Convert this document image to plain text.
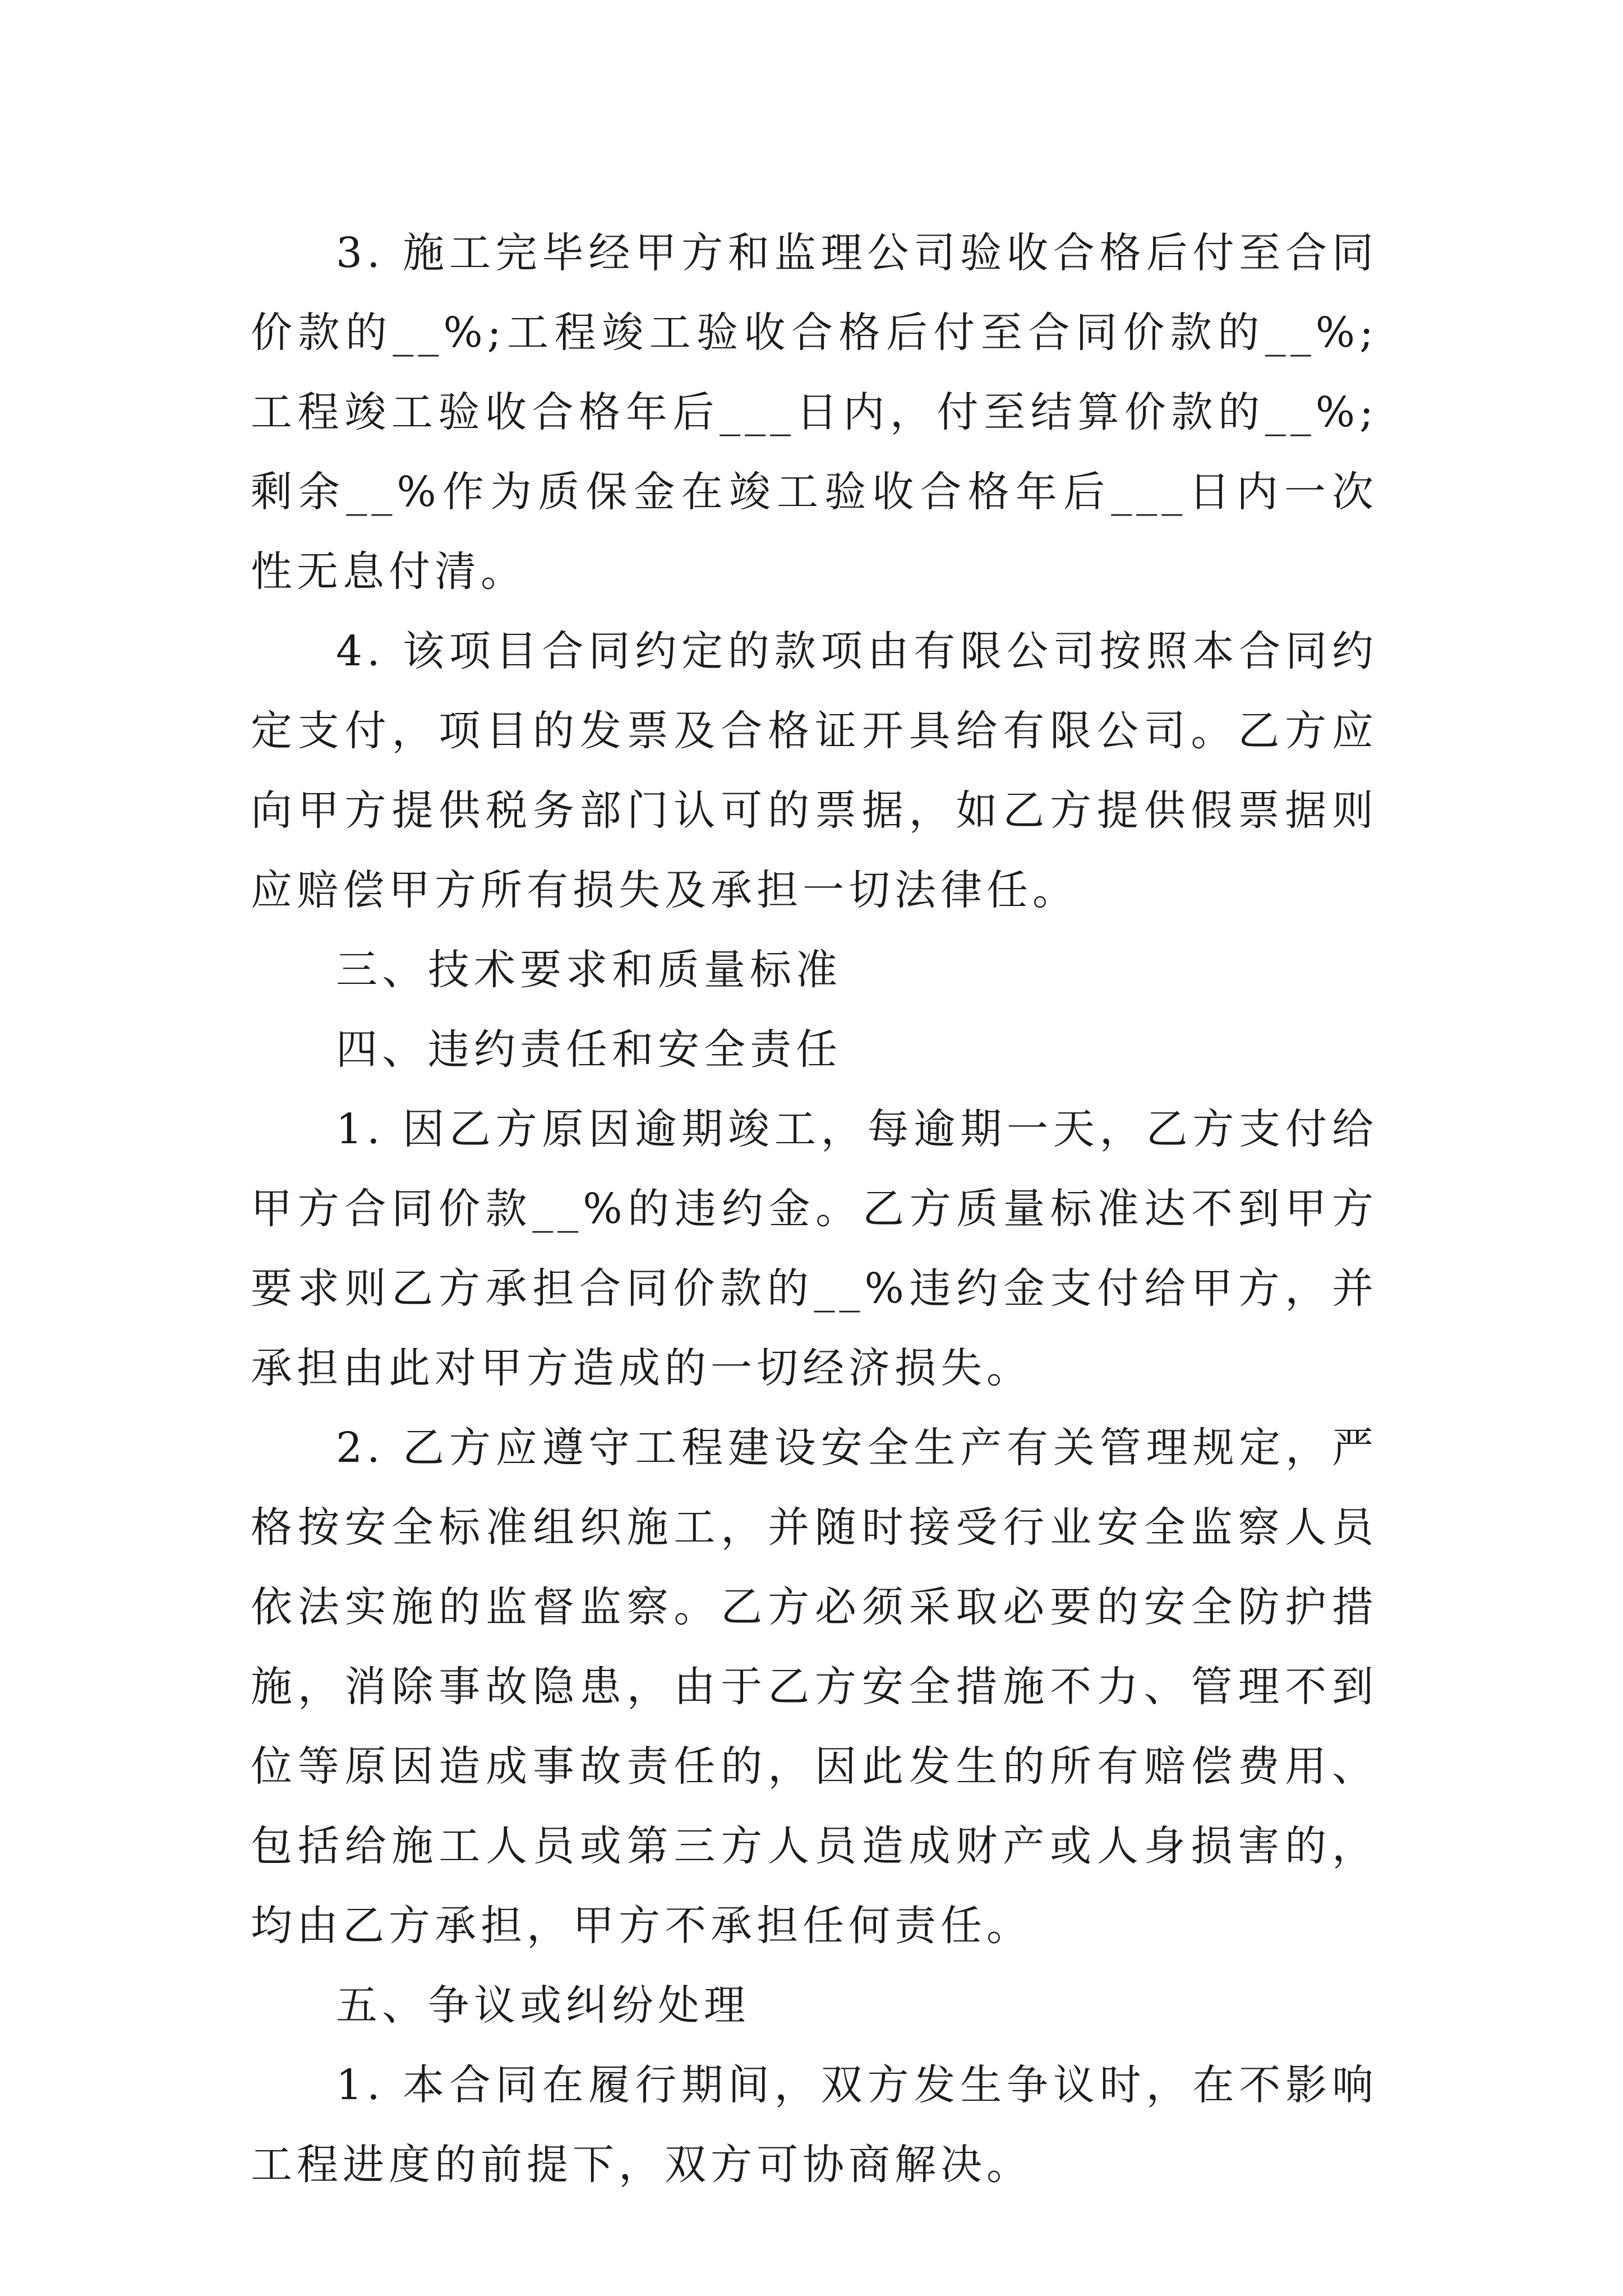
3. 施工完毕经甲方和监理公司验收合格后付至合同价款的__%;工程竣工验收合格后付至合同价款的__%;工程竣工验收合格年后___日内，付至结算价款的__%;剩余__%作为质保金在竣工验收合格年后___日内一次性无息付清。

4. 该项目合同约定的款项由有限公司按照本合同约定支付，项目的发票及合格证开具给有限公司。乙方应向甲方提供税务部门认可的票据，如乙方提供假票据则应赔偿甲方所有损失及承担一切法律任。

三、技术要求和质量标准

四、违约责任和安全责任

1. 因乙方原因逾期竣工，每逾期一天，乙方支付给甲方合同价款__%的违约金。乙方质量标准达不到甲方要求则乙方承担合同价款的__%违约金支付给甲方，并承担由此对甲方造成的一切经济损失。

2. 乙方应遵守工程建设安全生产有关管理规定，严格按安全标准组织施工，并随时接受行业安全监察人员依法实施的监督监察。乙方必须采取必要的安全防护措施，消除事故隐患，由于乙方安全措施不力、管理不到位等原因造成事故责任的，因此发生的所有赔偿费用、包括给施工人员或第三方人员造成财产或人身损害的，均由乙方承担，甲方不承担任何责任。

五、争议或纠纷处理

1. 本合同在履行期间，双方发生争议时，在不影响工程进度的前提下，双方可协商解决。
